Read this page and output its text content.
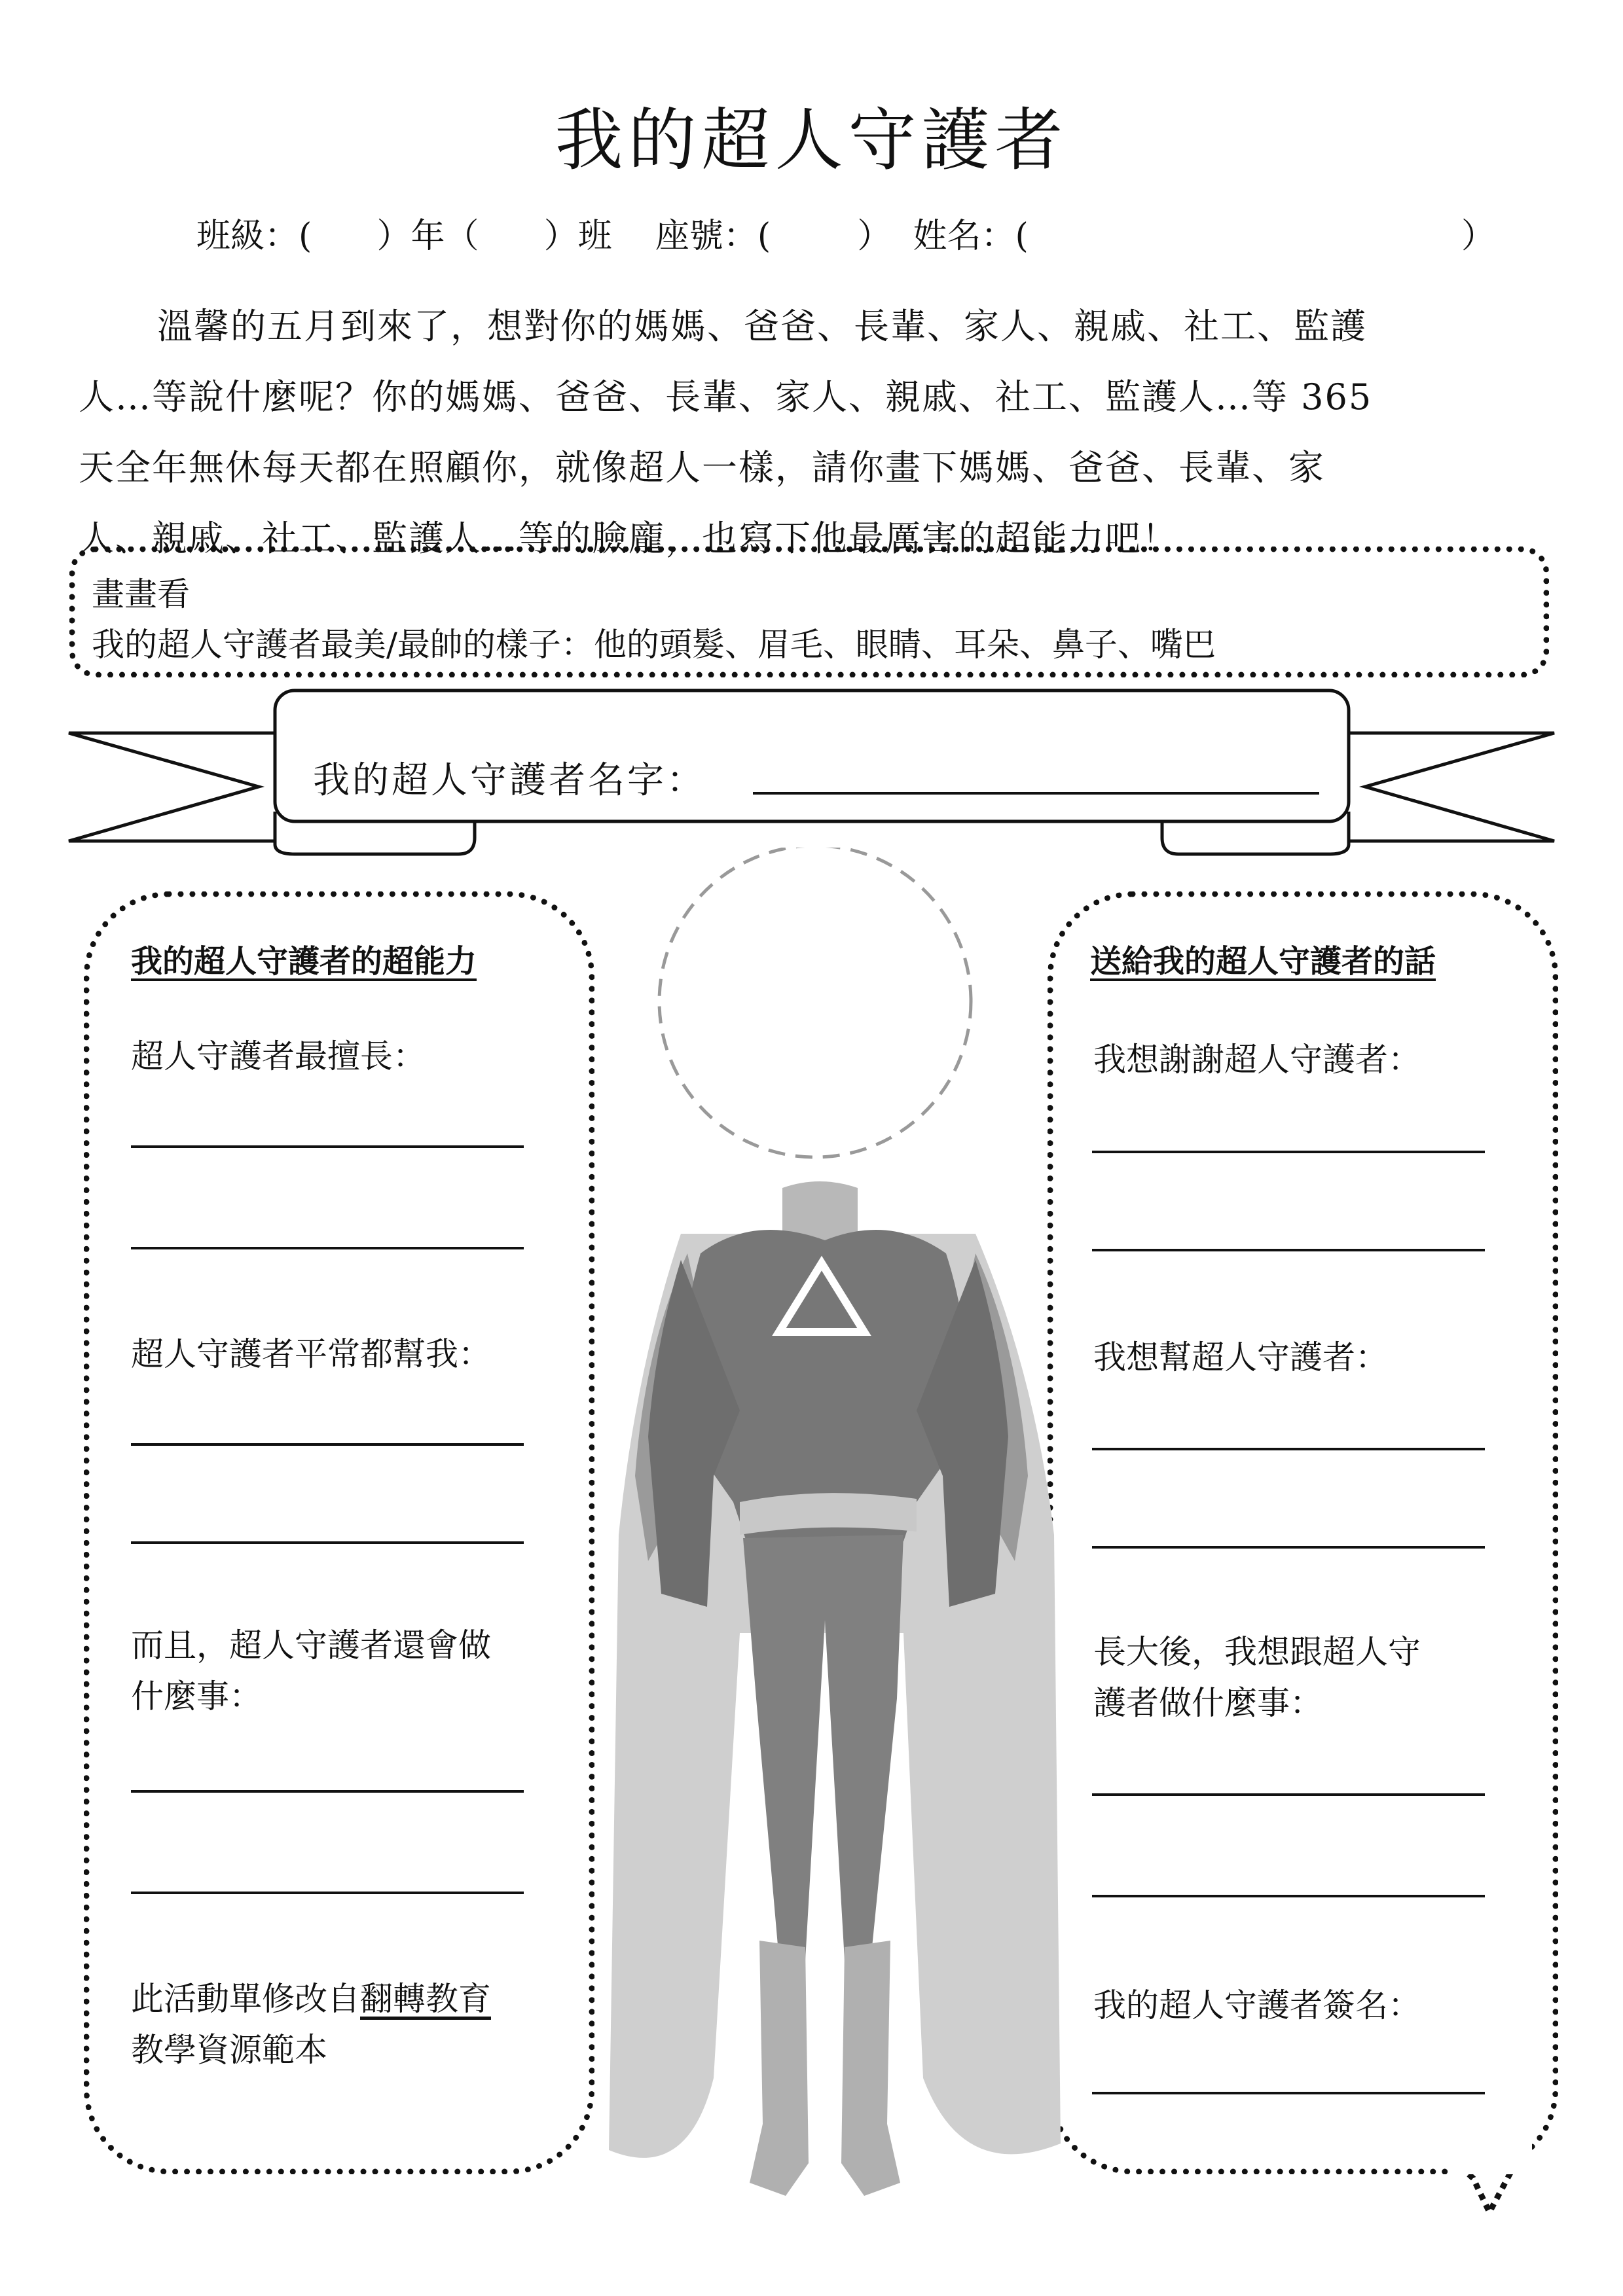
我的超人守護者
班級：( ）年（ ）班 座號：(	） 姓名：(	）

溫馨的五月到來了，想對你的媽媽、爸爸、長輩、家人、親戚、社工、監護

人…等說什麼呢？你的媽媽、爸爸、長輩、家人、親戚、社工、監護人…等 365

天全年無休每天都在照顧你，就像超人一樣，請你畫下媽媽、爸爸、長輩、家

人、親戚、社工、監護人…等的臉龐，也寫下他最厲害的超能力吧！

畫畫看
我的超人守護者最美/最帥的樣子：他的頭髮、眉毛、眼睛、耳朵、鼻子、嘴巴
我的超人守護者名字：
我的超人守護者的超能力
超人守護者最擅長：
超人守護者平常都幫我：
而且，超人守護者還會做
什麼事：
此活動單修改自翻轉教育
教學資源範本
送給我的超人守護者的話
我想謝謝超人守護者：
我想幫超人守護者：
長大後，我想跟超人守
護者做什麼事：
我的超人守護者簽名：
